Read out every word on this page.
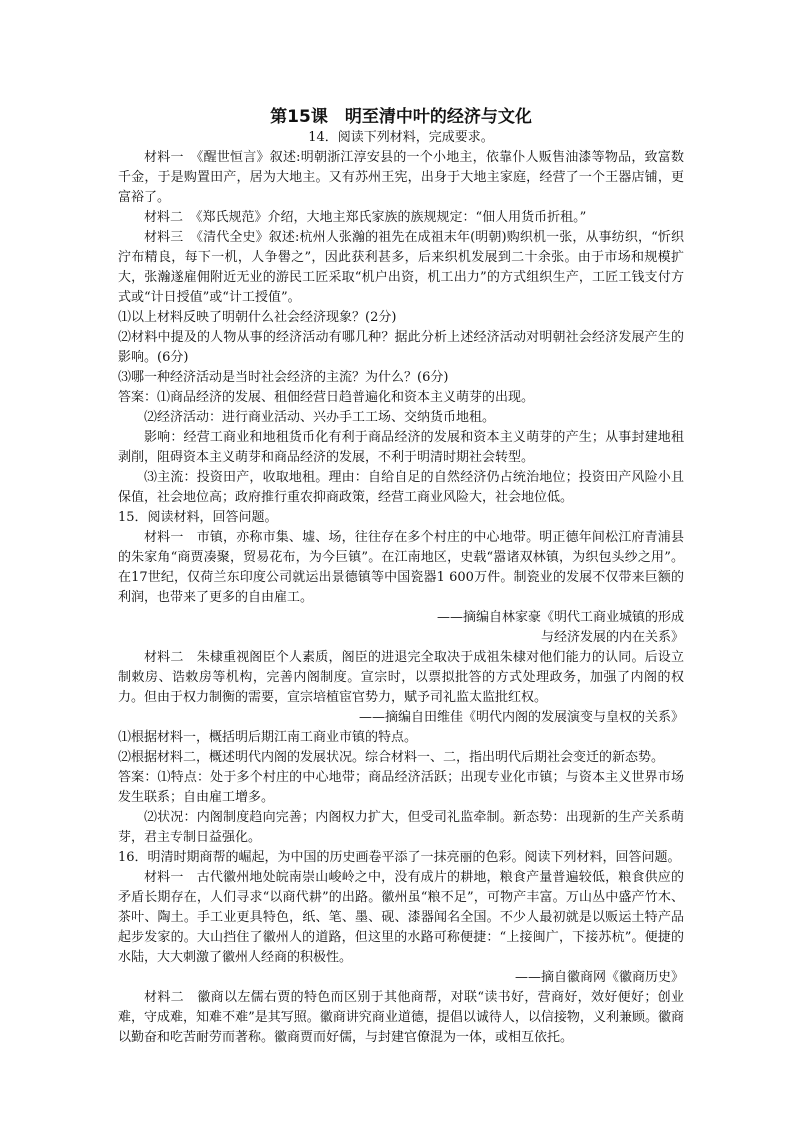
第15课　明至清中叶的经济与文化

14．阅读下列材料，完成要求。

材料一　《醒世恒言》叙述:明朝浙江淳安县的一个小地主，依靠仆人贩售油漆等物品，致富数千金，于是购置田产，居为大地主。又有苏州王宪，出身于大地主家庭，经营了一个王器店铺，更富裕了。

材料二　《郑氏规范》介绍，大地主郑氏家族的族规规定：“佃人用货币折租。”

材料三　《清代全史》叙述:杭州人张瀚的祖先在成祖末年(明朝)购织机一张，从事纺织，“忻织泞布精良，每下一机，人争嚳之”，因此获利甚多，后来织机发展到二十余张。由于市场和规模扩大，张瀚遂雇佣附近无业的游民工匠采取“机户出资，机工出力”的方式组织生产，工匠工钱支付方式或“计日授值”或“计工授值”。

⑴以上材料反映了明朝什么社会经济现象？(2分)

⑵材料中提及的人物从事的经济活动有哪几种？据此分析上述经济活动对明朝社会经济发展产生的影响。(6分)

⑶哪一种经济活动是当时社会经济的主流？为什么？(6分)

答案：⑴商品经济的发展、租佃经营日趋普遍化和资本主义萌芽的出现。

⑵经济活动：进行商业活动、兴办手工工场、交纳货币地租。

影响：经营工商业和地租货币化有利于商品经济的发展和资本主义萌芽的产生；从事封建地租剥削，阻碍资本主义萌芽和商品经济的发展，不利于明清时期社会转型。

⑶主流：投资田产，收取地租。理由：自给自足的自然经济仍占统治地位；投资田产风险小且保值，社会地位高；政府推行重农抑商政策，经营工商业风险大，社会地位低。

15．阅读材料，回答问题。

材料一　市镇，亦称市集、墟、场，往往存在多个村庄的中心地带。明正德年间松江府青浦县的朱家角“商贾凑聚，贸易花布，为今巨镇”。在江南地区，史载“嚣诸双林镇，为织包头纱之用”。在17世纪，仅荷兰东印度公司就运出景德镇等中国瓷器1 600万件。制瓷业的发展不仅带来巨额的利润，也带来了更多的自由雇工。

——摘编自林家豪《明代工商业城镇的形成

与经济发展的内在关系》

材料二　朱棣重视阁臣个人素质，阁臣的进退完全取决于成祖朱棣对他们能力的认同。后设立制敕房、诰敕房等机构，完善内阁制度。宣宗时，以票拟批答的方式处理政务，加强了内阁的权力。但由于权力制衡的需要，宣宗培植宦官势力，赋予司礼监太监批红权。

——摘编自田维佳《明代内阁的发展演变与皇权的关系》

⑴根据材料一，概括明后期江南工商业市镇的特点。

⑵根据材料二，概述明代内阁的发展状况。综合材料一、二，指出明代后期社会变迁的新态势。

答案：⑴特点：处于多个村庄的中心地带；商品经济活跃；出现专业化市镇；与资本主义世界市场发生联系；自由雇工增多。

⑵状况：内阁制度趋向完善；内阁权力扩大，但受司礼监牵制。新态势：出现新的生产关系萌芽，君主专制日益强化。

16．明清时期商帮的崛起，为中国的历史画卷平添了一抹亮丽的色彩。阅读下列材料，回答问题。

材料一　古代徽州地处皖南崇山峻岭之中，没有成片的耕地，粮食产量普遍较低，粮食供应的矛盾长期存在，人们寻求“以商代耕”的出路。徽州虽“粮不足”，可物产丰富。万山丛中盛产竹木、茶叶、陶土。手工业更具特色，纸、笔、墨、砚、漆器闻名全国。不少人最初就是以贩运土特产品起步发家的。大山挡住了徽州人的道路，但这里的水路可称便捷：“上接闽广，下接苏杭”。便捷的水陆，大大刺激了徽州人经商的积极性。

——摘自徽商网《徽商历史》

材料二　徽商以左儒右贾的特色而区别于其他商帮，对联“读书好，营商好，效好便好；创业难，守成难，知难不难”是其写照。徽商讲究商业道德，提倡以诚待人，以信接物，义利兼顾。徽商以勤奋和吃苦耐劳而著称。徽商贾而好儒，与封建官僚混为一体，或相互依托。
